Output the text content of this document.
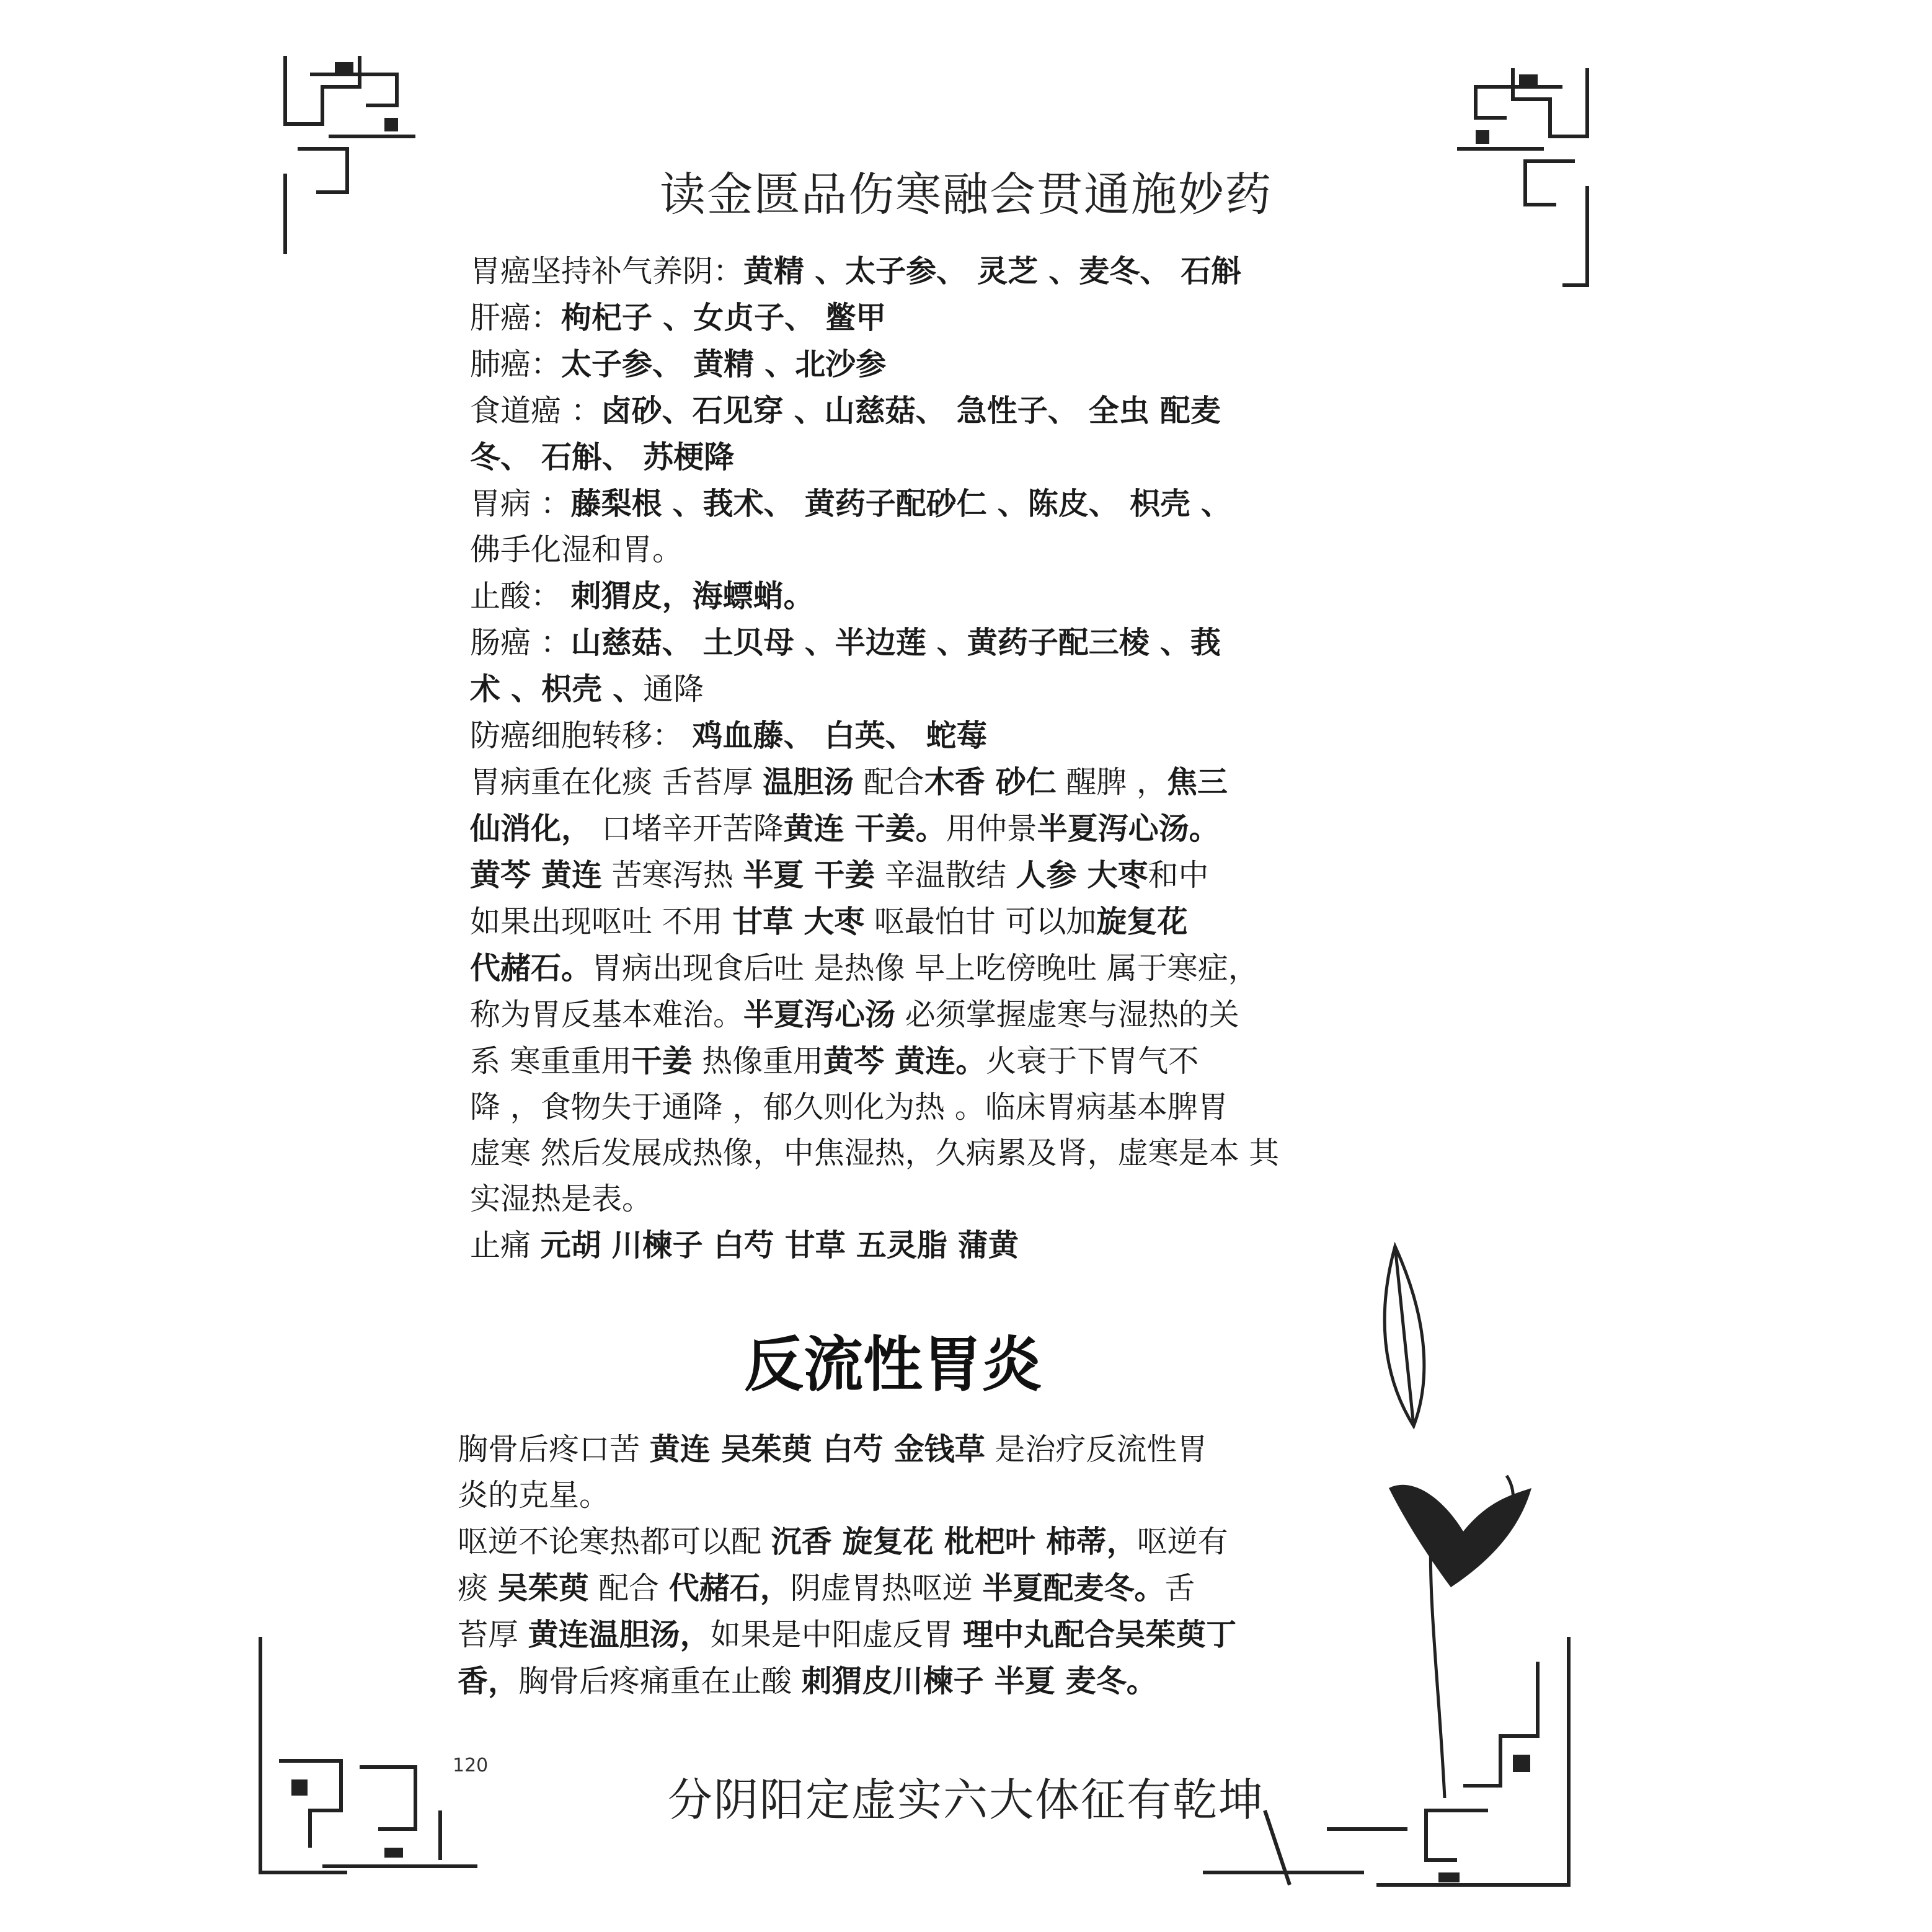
读金匮品伤寒融会贯通施妙药
胃癌坚持补气养阴：黄精 、太子参、 灵芝 、麦冬、 石斛
肝癌：枸杞子 、女贞子、 鳖甲
肺癌：太子参、 黄精 、北沙参
食道癌 ：卤砂、石见穿 、山慈菇、 急性子、 全虫 配麦
冬、 石斛、 苏梗降
胃病 ：藤梨根 、莪术、 黄药子配砂仁 、陈皮、 枳壳 、
佛手化湿和胃。
止酸： 刺猬皮，海螵蛸。
肠癌 ：山慈菇、 土贝母 、半边莲 、黄药子配三棱 、莪
术 、枳壳 、通降
防癌细胞转移： 鸡血藤、 白英、 蛇莓
胃病重在化痰 舌苔厚 温胆汤 配合木香 砂仁 醒脾 ，焦三
仙消化， 口堵辛开苦降黄连 干姜。用仲景半夏泻心汤。
黄芩 黄连 苦寒泻热 半夏 干姜 辛温散结 人参 大枣和中
如果出现呕吐 不用 甘草 大枣 呕最怕甘 可以加旋复花
代赭石。胃病出现食后吐 是热像 早上吃傍晚吐 属于寒症，
称为胃反基本难治。半夏泻心汤 必须掌握虚寒与湿热的关
系 寒重重用干姜 热像重用黄芩 黄连。火衰于下胃气不
降 ，食物失于通降 ，郁久则化为热 。临床胃病基本脾胃
虚寒 然后发展成热像，中焦湿热，久病累及肾，虚寒是本 其
实湿热是表。
止痛 元胡 川楝子 白芍 甘草 五灵脂 蒲黄
反流性胃炎
胸骨后疼口苦 黄连 吴茱萸 白芍 金钱草 是治疗反流性胃
炎的克星。
呕逆不论寒热都可以配 沉香 旋复花 枇杷叶 柿蒂，呕逆有
痰 吴茱萸 配合 代赭石，阴虚胃热呕逆 半夏配麦冬。舌
苔厚 黄连温胆汤，如果是中阳虚反胃 理中丸配合吴茱萸丁
香，胸骨后疼痛重在止酸 刺猬皮川楝子 半夏 麦冬。
120
分阴阳定虚实六大体征有乾坤
